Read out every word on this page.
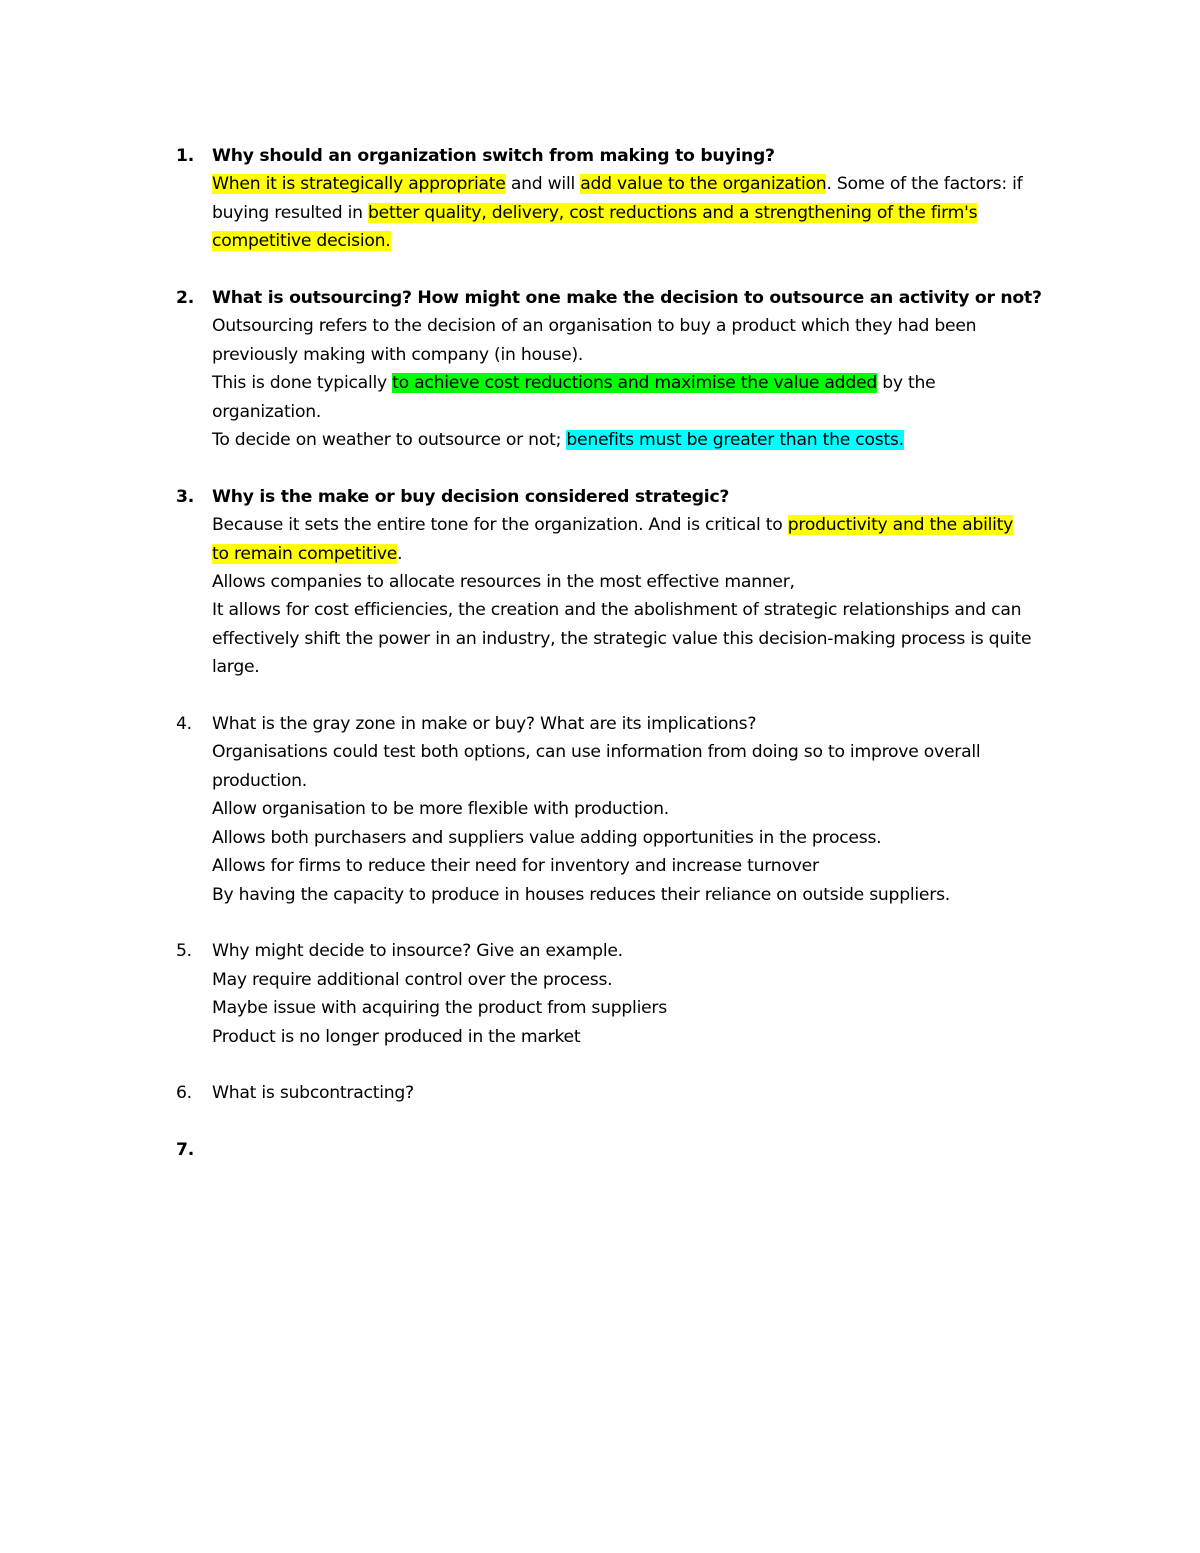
1.	Why should an organization switch from making to buying?
When it is strategically appropriate and will add value to the organization. Some of the factors: if
buying resulted in better quality, delivery, cost reductions and a strengthening of the firm's
competitive decision.
2.	What is outsourcing? How might one make the decision to outsource an activity or not?
Outsourcing refers to the decision of an organisation to buy a product which they had been
previously making with company (in house).
This is done typically to achieve cost reductions and maximise the value added by the
organization.
To decide on weather to outsource or not; benefits must be greater than the costs.
3.	Why is the make or buy decision considered strategic?
Because it sets the entire tone for the organization. And is critical to productivity and the ability
to remain competitive.
Allows companies to allocate resources in the most effective manner,
It allows for cost efficiencies, the creation and the abolishment of strategic relationships and can
effectively shift the power in an industry, the strategic value this decision-making process is quite
large.
4.	What is the gray zone in make or buy? What are its implications?
Organisations could test both options, can use information from doing so to improve overall
production.
Allow organisation to be more flexible with production.
Allows both purchasers and suppliers value adding opportunities in the process.
Allows for firms to reduce their need for inventory and increase turnover
By having the capacity to produce in houses reduces their reliance on outside suppliers.
5.	Why might decide to insource? Give an example.
May require additional control over the process.
Maybe issue with acquiring the product from suppliers
Product is no longer produced in the market
6.	What is subcontracting?
7.
